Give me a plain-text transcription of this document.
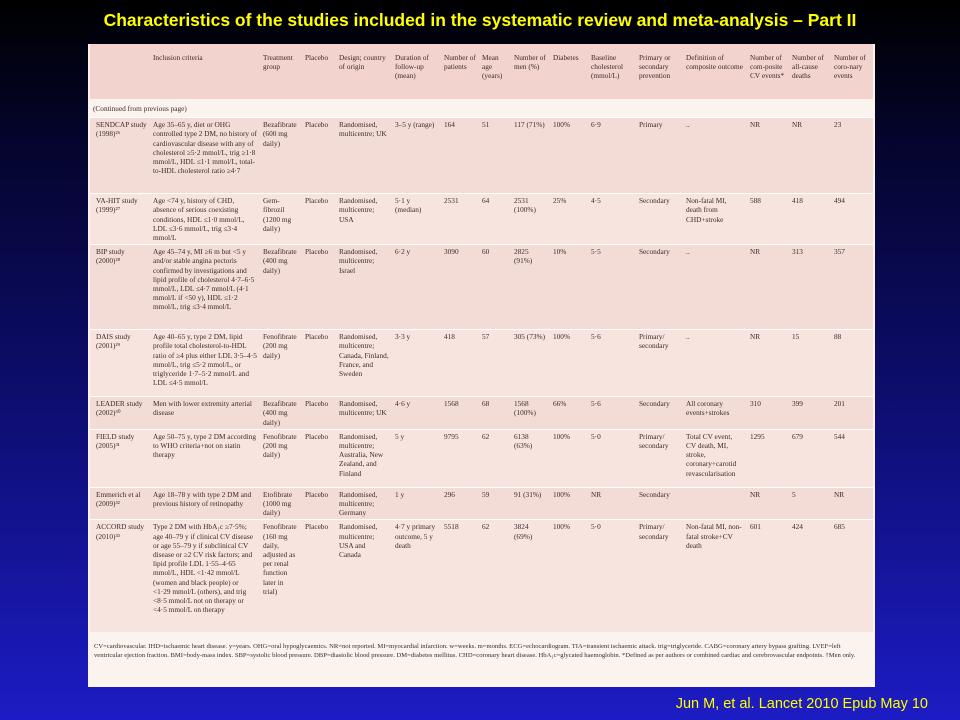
Characteristics of the studies included in the systematic review and meta-analysis – Part II
	Inclusion criteria	Treatment group	Placebo	Design; country of origin	Duration of follow-up (mean)	Number of patients	Mean age (years)	Number of men (%)	Diabetes	Baseline cholesterol (mmol/L)	Primary or secondary prevention	Definition of composite outcome	Number of com-posite CV events*	Number of all-cause deaths	Number of coro-nary events
(Continued from previous page)															
SENDCAP study (1998)²⁶	Age 35–65 y, diet or OHG controlled type 2 DM, no history of cardiovascular disease with any of cholesterol ≥5·2 mmol/L, trig ≥1·8 mmol/L, HDL ≤1·1 mmol/L, total-to-HDL cholesterol ratio ≥4·7	Bezafibrate (600 mg daily)	Placebo	Randomised, multicentre; UK	3–5 y (range)	164	51	117 (71%)	100%	6·9	Primary	..	NR	NR	23
VA-HIT study (1999)²⁷	Age <74 y, history of CHD, absence of serious coexisting conditions, HDL ≤1·0 mmol/L, LDL ≤3·6 mmol/L, trig ≤3·4 mmol/L	Gem-fibrozil (1200 mg daily)	Placebo	Randomised, multicentre; USA	5·1 y (median)	2531	64	2531 (100%)	25%	4·5	Secondary	Non-fatal MI, death from CHD+stroke	588	418	494
BIP study (2000)²⁸	Age 45–74 y, MI ≥6 m but <5 y and/or stable angina pectoris confirmed by investigations and lipid profile of cholesterol 4·7–6·5 mmol/L, LDL ≤4·7 mmol/L (4·1 mmol/L if <50 y), HDL ≤1·2 mmol/L, trig ≤3·4 mmol/L	Bezafibrate (400 mg daily)	Placebo	Randomised, multicentre; Israel	6·2 y	3090	60	2825 (91%)	10%	5·5	Secondary	..	NR	313	357
DAIS study (2001)²⁹	Age 40–65 y, type 2 DM, lipid profile total cholesterol-to-HDL ratio of ≥4 plus either LDL 3·5–4·5 mmol/L, trig ≤5·2 mmol/L, or triglyceride 1·7–5·2 mmol/L and LDL ≤4·5 mmol/L	Fenofibrate (200 mg daily)	Placebo	Randomised, multicentre; Canada, Finland, France, and Sweden	3·3 y	418	57	305 (73%)	100%	5·6	Primary/ secondary	..	NR	15	88
LEADER study (2002)³⁰	Men with lower extremity arterial disease	Bezafibrate (400 mg daily)	Placebo	Randomised, multicentre; UK	4·6 y	1568	68	1568 (100%)	66%	5·6	Secondary	All coronary events+strokes	310	399	201
FIELD study (2005)³¹	Age 50–75 y, type 2 DM according to WHO criteria+not on statin therapy	Fenofibrate (200 mg daily)	Placebo	Randomised, multicentre; Australia, New Zealand, and Finland	5 y	9795	62	6138 (63%)	100%	5·0	Primary/ secondary	Total CV event, CV death, MI, stroke, coronary+carotid revascularisation	1295	679	544
Emmerich et al (2009)³²	Age 18–78 y with type 2 DM and previous history of retinopathy	Etofibrate (1000 mg daily)	Placebo	Randomised, multicentre; Germany	1 y	296	59	91 (31%)	100%	NR	Secondary		NR	5	NR
ACCORD study (2010)³³	Type 2 DM with HbA₁c ≥7·5%; age 40–79 y if clinical CV disease or age 55–79 y if subclinical CV disease or ≥2 CV risk factors; and lipid profile LDL 1·55–4·65 mmol/L, HDL <1·42 mmol/L (women and black people) or <1·29 mmol/L (others), and trig <8·5 mmol/L not on therapy or <4·5 mmol/L on therapy	Fenofibrate (160 mg daily, adjusted as per renal function later in trial)	Placebo	Randomised, multicentre; USA and Canada	4·7 y primary outcome, 5 y death	5518	62	3824 (69%)	100%	5·0	Primary/ secondary	Non-fatal MI, non-fatal stroke+CV death	601	424	685
CV=cardiovascular. IHD=ischaemic heart disease. y=years. OHG=oral hypoglycaemics. NR=not reported. MI=myocardial infarction. w=weeks. m=months. ECG=echocardiogram. TIA=transient ischaemic attack. trig=triglyceride. CABG=coronary artery bypass grafting. LVEF=left ventricular ejection fraction. BMI=body-mass index. SBP=systolic blood pressure. DBP=diastolic blood pressure. DM=diabetes mellitus. CHD=coronary heart disease. HbA₁c=glycated haemoglobin. *Defined as per authors or combined cardiac and cerebrovascular endpoints. †Men only.
Jun M, et al. Lancet 2010 Epub May 10
